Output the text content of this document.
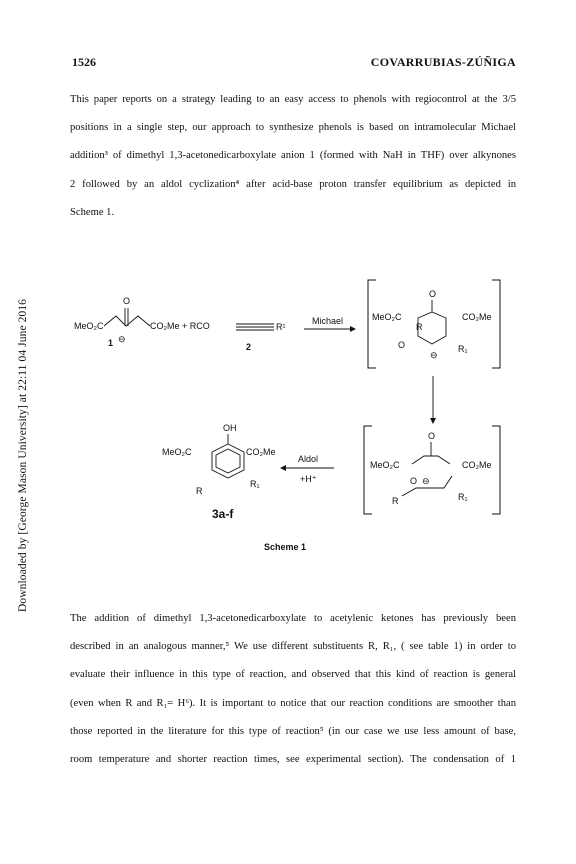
Downloaded by [George Mason University] at 22:11 04 June 2016
1526	COVARRUBIAS-ZÚÑIGA

This paper reports on a strategy leading to an easy access to phenols with regiocontrol at the 3/5
positions in a single step, our approach to synthesize phenols is based on intramolecular Michael
addition³ of dimethyl 1,3-acetonedicarboxylate anion 1 (formed with NaH in THF) over alkynones
2 followed by an aldol cyclization⁴ after acid-base proton transfer equilibrium as depicted in
Scheme 1.

MeO₂C
O
CO₂Me + RCO
⊖
1
R¹
2
Michael	MeO₂C	CO₂Me
O
R
O
⊖
R₁
MeO₂C	CO₂Me
O
O ⊖
R	R₁
Aldol
+H⁺
MeO₂C	CO₂Me
OH
R
R₁
3a-f
Scheme 1

The addition of dimethyl 1,3-acetonedicarboxylate to acetylenic ketones has previously been
described in an analogous manner,⁵ We use different substituents R, R₁, ( see table 1) in order to
evaluate their influence in this type of reaction, and observed that this kind of reaction is general
(even when R and R₁= H⁶). It is important to notice that our reaction conditions are smoother than
those reported in the literature for this type of reaction⁵ (in our case we use less amount of base,
room temperature and shorter reaction times, see experimental section). The condensation of 1
